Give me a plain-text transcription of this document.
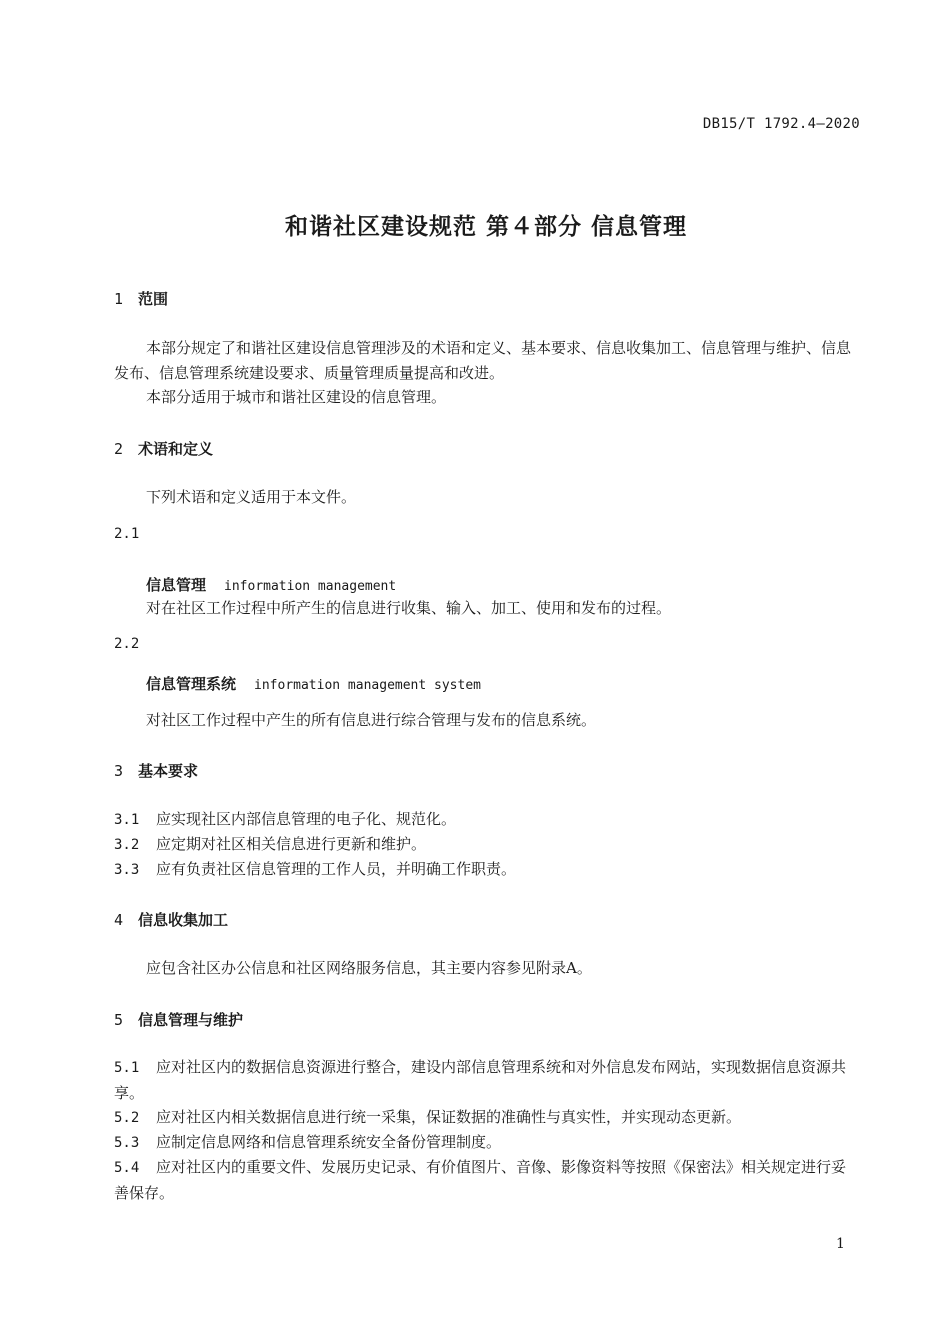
DB15/T 1792.4—2020
和谐社区建设规范 第４部分 信息管理
1 范围
本部分规定了和谐社区建设信息管理涉及的术语和定义、基本要求、信息收集加工、信息管理与维护、信息发布、信息管理系统建设要求、质量管理质量提高和改进。
本部分适用于城市和谐社区建设的信息管理。
2 术语和定义
下列术语和定义适用于本文件。
2.1
信息管理 information management
对在社区工作过程中所产生的信息进行收集、输入、加工、使用和发布的过程。
2.2
信息管理系统 information management system
对社区工作过程中产生的所有信息进行综合管理与发布的信息系统。
3 基本要求
3.1 应实现社区内部信息管理的电子化、规范化。
3.2 应定期对社区相关信息进行更新和维护。
3.3 应有负责社区信息管理的工作人员，并明确工作职责。
4 信息收集加工
应包含社区办公信息和社区网络服务信息，其主要内容参见附录A。
5 信息管理与维护
5.1 应对社区内的数据信息资源进行整合，建设内部信息管理系统和对外信息发布网站，实现数据信息资源共享。
5.2 应对社区内相关数据信息进行统一采集，保证数据的准确性与真实性，并实现动态更新。
5.3 应制定信息网络和信息管理系统安全备份管理制度。
5.4 应对社区内的重要文件、发展历史记录、有价值图片、音像、影像资料等按照《保密法》相关规定进行妥善保存。
1
